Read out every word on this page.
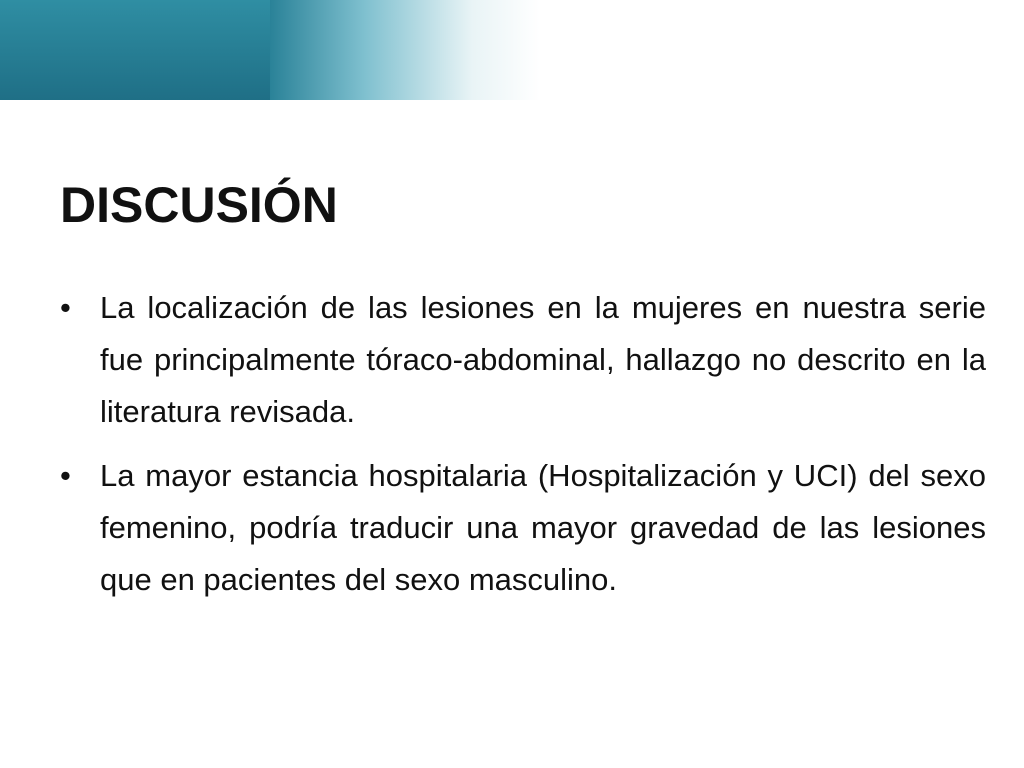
DISCUSIÓN
• La localización de las lesiones en la mujeres en nuestra serie fue principalmente tóraco-abdominal, hallazgo no descrito en la literatura revisada.
• La mayor estancia hospitalaria (Hospitalización y UCI) del sexo femenino, podría traducir una mayor gravedad de las lesiones que en pacientes del sexo masculino.
